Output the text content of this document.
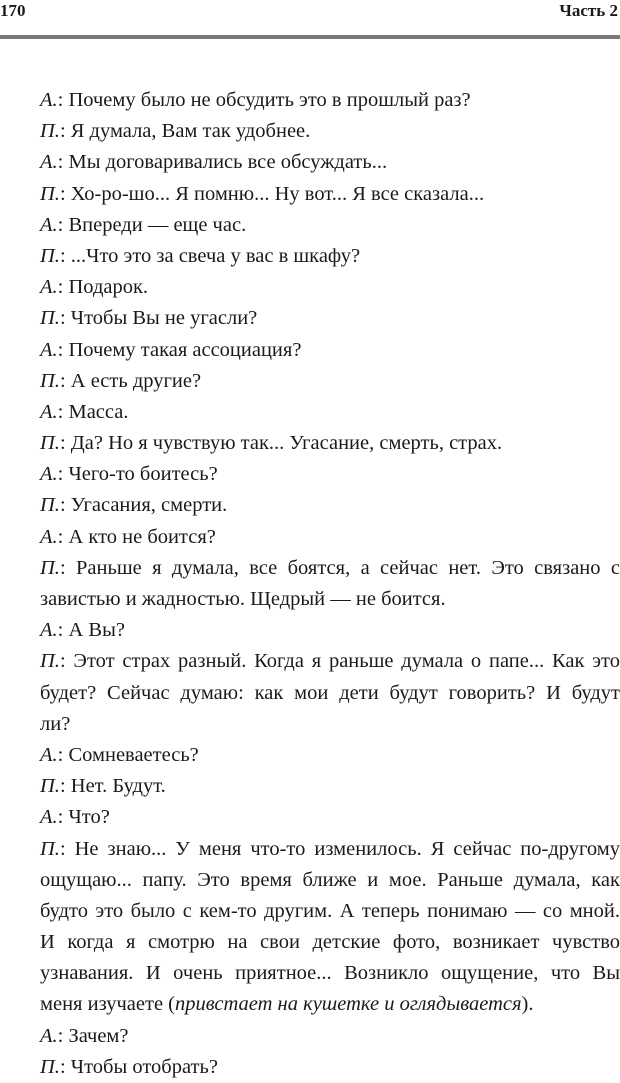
170	Часть 2
А.: Почему было не обсудить это в прошлый раз?
П.: Я думала, Вам так удобнее.
А.: Мы договаривались все обсуждать...
П.: Хо-ро-шо... Я помню... Ну вот... Я все сказала...
А.: Впереди — еще час.
П.: ...Что это за свеча у вас в шкафу?
А.: Подарок.
П.: Чтобы Вы не угасли?
А.: Почему такая ассоциация?
П.: А есть другие?
А.: Масса.
П.: Да? Но я чувствую так... Угасание, смерть, страх.
А.: Чего-то боитесь?
П.: Угасания, смерти.
А.: А кто не боится?
П.: Раньше я думала, все боятся, а сейчас нет. Это связано с
завистью и жадностью. Щедрый — не боится.
А.: А Вы?
П.: Этот страх разный. Когда я раньше думала о папе... Как это
будет? Сейчас думаю: как мои дети будут говорить? И будут
ли?
А.: Сомневаетесь?
П.: Нет. Будут.
А.: Что?
П.: Не знаю... У меня что-то изменилось. Я сейчас по-другому
ощущаю... папу. Это время ближе и мое. Раньше думала, как
будто это было с кем-то другим. А теперь понимаю — со мной.
И когда я смотрю на свои детские фото, возникает чувство
узнавания. И очень приятное... Возникло ощущение, что Вы
меня изучаете (привстает на кушетке и оглядывается).
А.: Зачем?
П.: Чтобы отобрать?
